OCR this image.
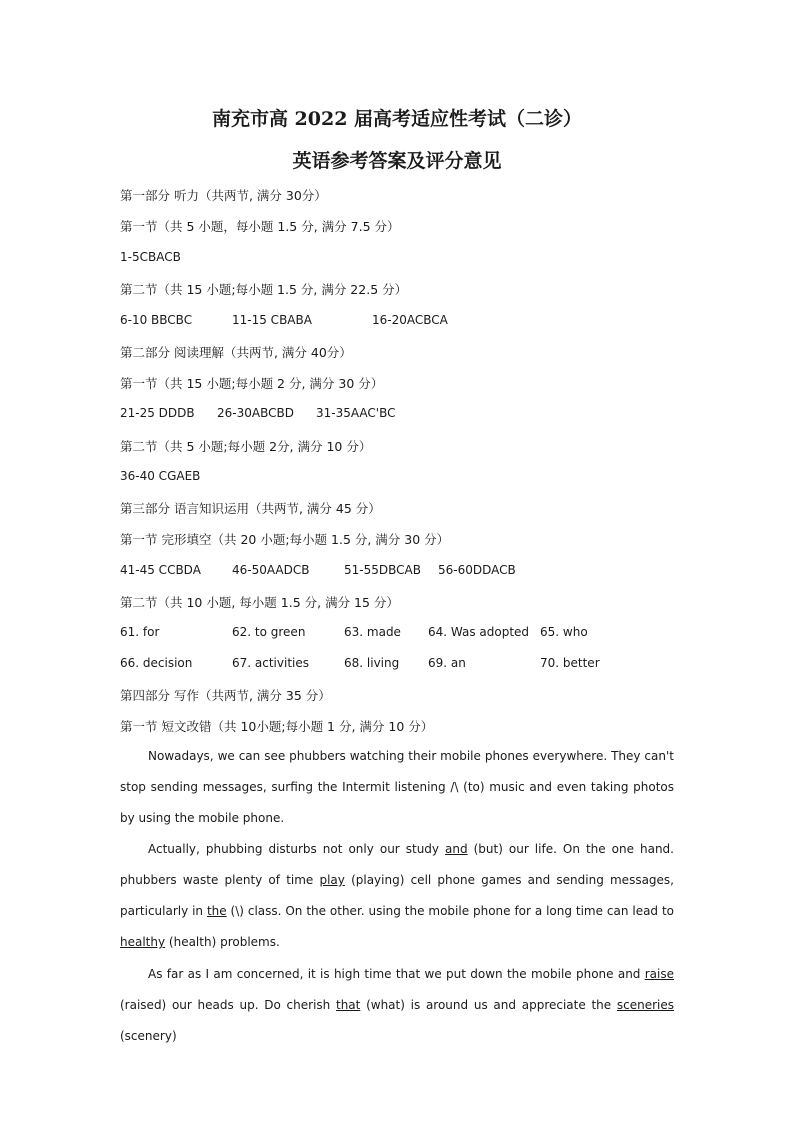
南充市高 2022 届高考适应性考试（二诊）
英语参考答案及评分意见
第一部分 听力（共两节, 满分 30分）
第一节（共 5 小题，每小题 1.5 分, 满分 7.5 分）
1-5CBACB
第二节（共 15 小题;每小题 1.5 分, 满分 22.5 分）
6-10 BBCBC	11-15 CBABA	16-20ACBCA
第二部分 阅读理解（共两节, 满分 40分）
第一节（共 15 小题;每小题 2 分, 满分 30 分）
21-25 DDDB 26-30ABCBD 31-35AAC'BC
第二节（共 5 小题;每小题 2分, 满分 10 分）
36-40 CGAEB
第三部分 语言知识运用（共两节, 满分 45 分）
第一节 完形填空（共 20 小题;每小题 1.5 分, 满分 30 分）
41-45 CCBDA	46-50AADCB	51-55DBCAB 56-60DDACB
第二节（共 10 小题, 每小题 1.5 分, 满分 15 分）
61. for	62. to green	63. made 64. Was adopted 65. who
66. decision	67. activities	68. living 69. an	70. better
第四部分 写作（共两节, 满分 35 分）
第一节 短文改错（共 10小题;每小题 1 分, 满分 10 分）
Nowadays, we can see phubbers watching their mobile phones everywhere. They can't stop sending messages, surfing the Intermit listening /\ (to) music and even taking photos by using the mobile phone.
Actually, phubbing disturbs not only our study and (but) our life. On the one hand. phubbers waste plenty of time play (playing) cell phone games and sending messages, particularly in the (\) class. On the other. using the mobile phone for a long time can lead to healthy (health) problems.
As far as I am concerned, it is high time that we put down the mobile phone and raise (raised) our heads up. Do cherish that (what) is around us and appreciate the sceneries (scenery)
